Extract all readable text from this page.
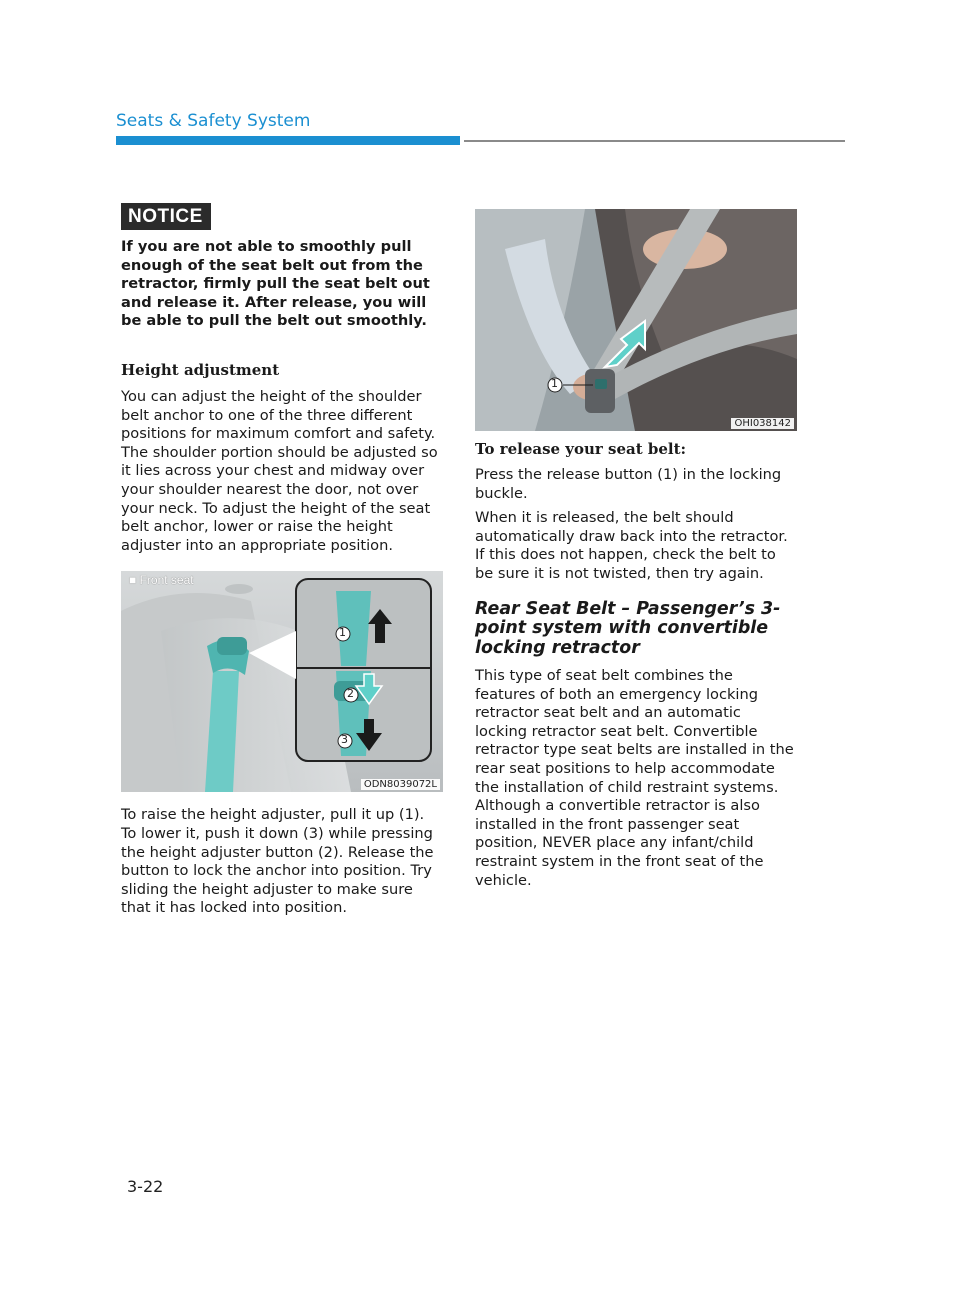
Seats & Safety System
NOTICE

If you are not able to smoothly pull enough of the seat belt out from the retractor, firmly pull the seat belt out and release it. After release, you will be able to pull the belt out smoothly.

Height adjustment

You can adjust the height of the shoulder belt anchor to one of the three different positions for maximum comfort and safety. The shoulder portion should be adjusted so it lies across your chest and midway over your shoulder nearest the door, not over your neck. To adjust the height of the seat belt anchor, lower or raise the height adjuster into an appropriate position.

■ Front seat
1
2
3
ODN8039072L

To raise the height adjuster, pull it up (1). To lower it, push it down (3) while pressing the height adjuster button (2). Release the button to lock the anchor into position. Try sliding the height adjuster to make sure that it has locked into position.

1
OHI038142
To release your seat belt:

Press the release button (1) in the locking buckle.

When it is released, the belt should automatically draw back into the retractor. If this does not happen, check the belt to be sure it is not twisted, then try again.

Rear Seat Belt – Passenger’s 3-point system with convertible locking retractor

This type of seat belt combines the features of both an emergency locking retractor seat belt and an automatic locking retractor seat belt. Convertible retractor type seat belts are installed in the rear seat positions to help accommodate the installation of child restraint systems. Although a convertible retractor is also installed in the front passenger seat position, NEVER place any infant/child restraint system in the front seat of the vehicle.

3-22
